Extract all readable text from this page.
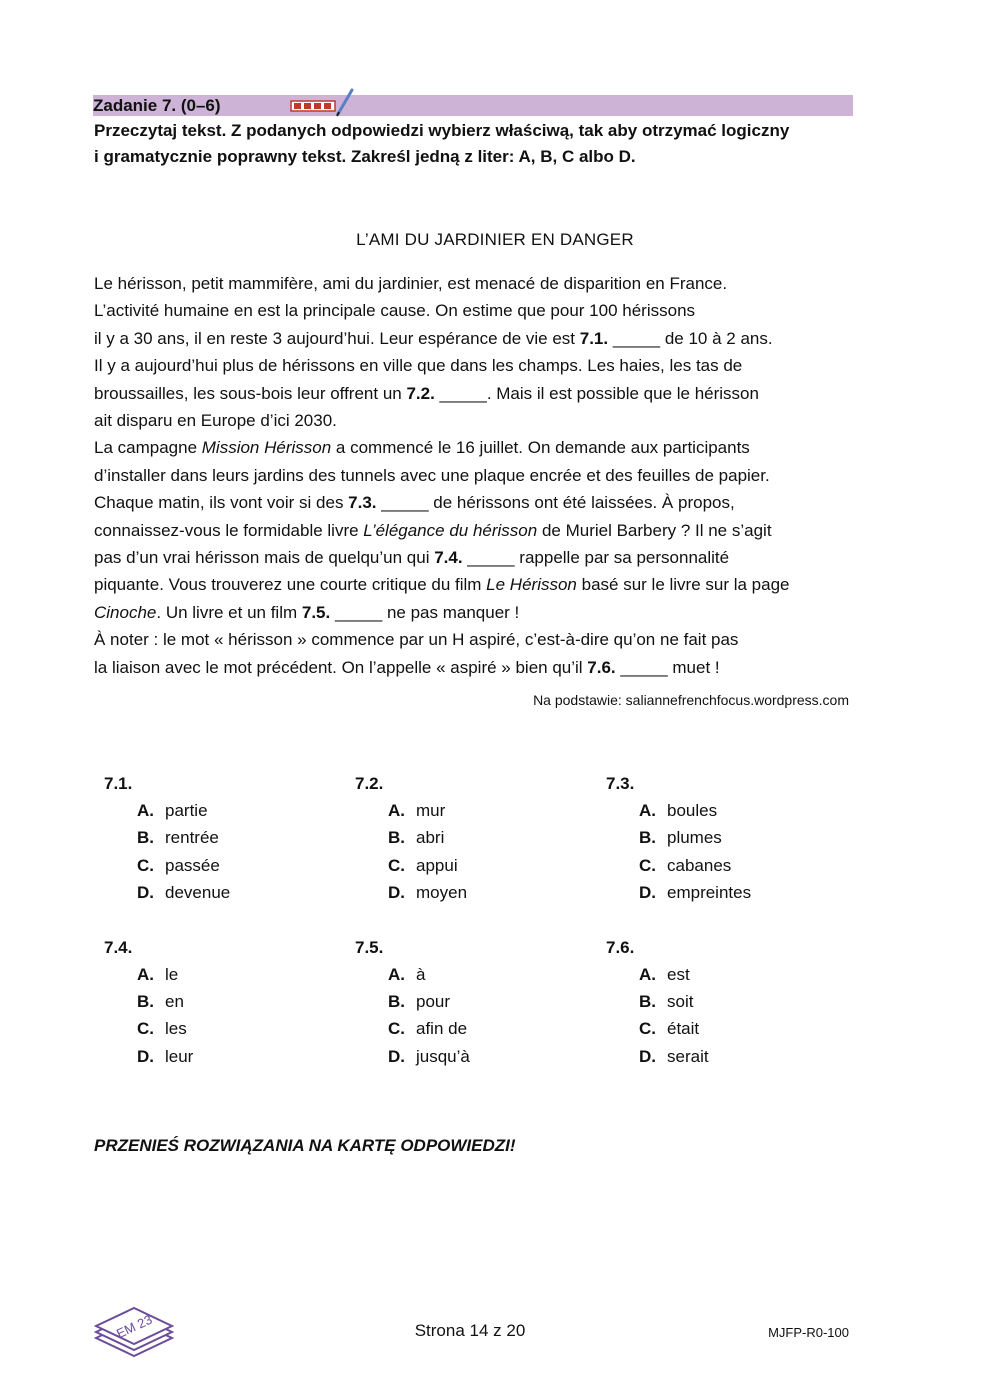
Zadanie 7. (0–6)
Przeczytaj tekst. Z podanych odpowiedzi wybierz właściwą, tak aby otrzymać logiczny
i gramatycznie poprawny tekst. Zakreśl jedną z liter: A, B, C albo D.
L’AMI DU JARDINIER EN DANGER
Le hérisson, petit mammifère, ami du jardinier, est menacé de disparition en France.
L’activité humaine en est la principale cause. On estime que pour 100 hérissons
il y a 30 ans, il en reste 3 aujourd’hui. Leur espérance de vie est 7.1. _____ de 10 à 2 ans.
Il y a aujourd’hui plus de hérissons en ville que dans les champs. Les haies, les tas de
broussailles, les sous-bois leur offrent un 7.2. _____. Mais il est possible que le hérisson
ait disparu en Europe d’ici 2030.
La campagne Mission Hérisson a commencé le 16 juillet. On demande aux participants
d’installer dans leurs jardins des tunnels avec une plaque encrée et des feuilles de papier.
Chaque matin, ils vont voir si des 7.3. _____ de hérissons ont été laissées. À propos,
connaissez-vous le formidable livre L’élégance du hérisson de Muriel Barbery ? Il ne s’agit
pas d’un vrai hérisson mais de quelqu’un qui 7.4. _____ rappelle par sa personnalité
piquante. Vous trouverez une courte critique du film Le Hérisson basé sur le livre sur la page
Cinoche. Un livre et un film 7.5. _____ ne pas manquer !
À noter : le mot « hérisson » commence par un H aspiré, c’est-à-dire qu’on ne fait pas
la liaison avec le mot précédent. On l’appelle « aspiré » bien qu’il 7.6. _____ muet !
Na podstawie: saliannefrenchfocus.wordpress.com
7.1.
A. partie
B. rentrée
C. passée
D. devenue
7.2.
A. mur
B. abri
C. appui
D. moyen
7.3.
A. boules
B. plumes
C. cabanes
D. empreintes
7.4.
A. le
B. en
C. les
D. leur
7.5.
A. à
B. pour
C. afin de
D. jusqu’à
7.6.
A. est
B. soit
C. était
D. serait
PRZENIEŚ ROZWIĄZANIA NA KARTĘ ODPOWIEDZI!
EM 23	Strona 14 z 20	MJFP-R0-100
